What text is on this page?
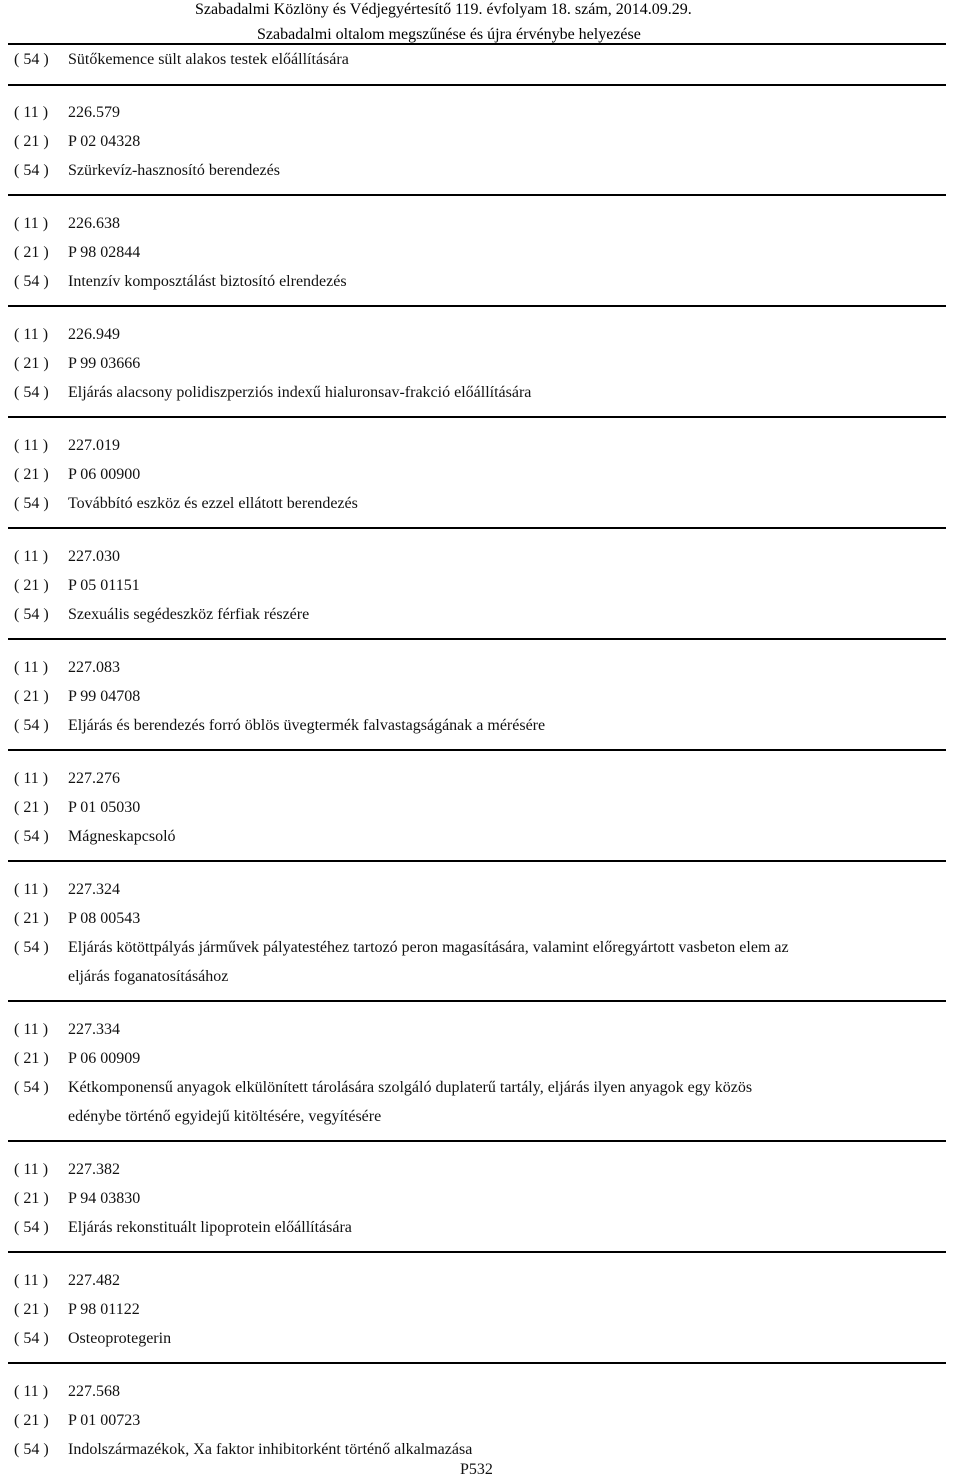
Szabadalmi Közlöny és Védjegyértesítő 119. évfolyam 18. szám, 2014.09.29.
Szabadalmi oltalom megszűnése és újra érvénybe helyezése
( 54 ) Sütőkemence sült alakos testek előállítására
( 11 ) 226.579
( 21 ) P 02 04328
( 54 ) Szürkevíz-hasznosító berendezés
( 11 ) 226.638
( 21 ) P 98 02844
( 54 ) Intenzív komposztálást biztosító elrendezés
( 11 ) 226.949
( 21 ) P 99 03666
( 54 ) Eljárás alacsony polidiszperziós indexű hialuronsav-frakció előállítására
( 11 ) 227.019
( 21 ) P 06 00900
( 54 ) Továbbító eszköz és ezzel ellátott berendezés
( 11 ) 227.030
( 21 ) P 05 01151
( 54 ) Szexuális segédeszköz férfiak részére
( 11 ) 227.083
( 21 ) P 99 04708
( 54 ) Eljárás és berendezés forró öblös üvegtermék falvastagságának a mérésére
( 11 ) 227.276
( 21 ) P 01 05030
( 54 ) Mágneskapcsoló
( 11 ) 227.324
( 21 ) P 08 00543
( 54 ) Eljárás kötöttpályás járművek pályatestéhez tartozó peron magasítására, valamint előregyártott vasbeton elem az
eljárás foganatosításához
( 11 ) 227.334
( 21 ) P 06 00909
( 54 ) Kétkomponensű anyagok elkülönített tárolására szolgáló duplaterű tartály, eljárás ilyen anyagok egy közös
edénybe történő egyidejű kitöltésére, vegyítésére
( 11 ) 227.382
( 21 ) P 94 03830
( 54 ) Eljárás rekonstituált lipoprotein előállítására
( 11 ) 227.482
( 21 ) P 98 01122
( 54 ) Osteoprotegerin
( 11 ) 227.568
( 21 ) P 01 00723
( 54 ) Indolszármazékok, Xa faktor inhibitorként történő alkalmazása
P532
